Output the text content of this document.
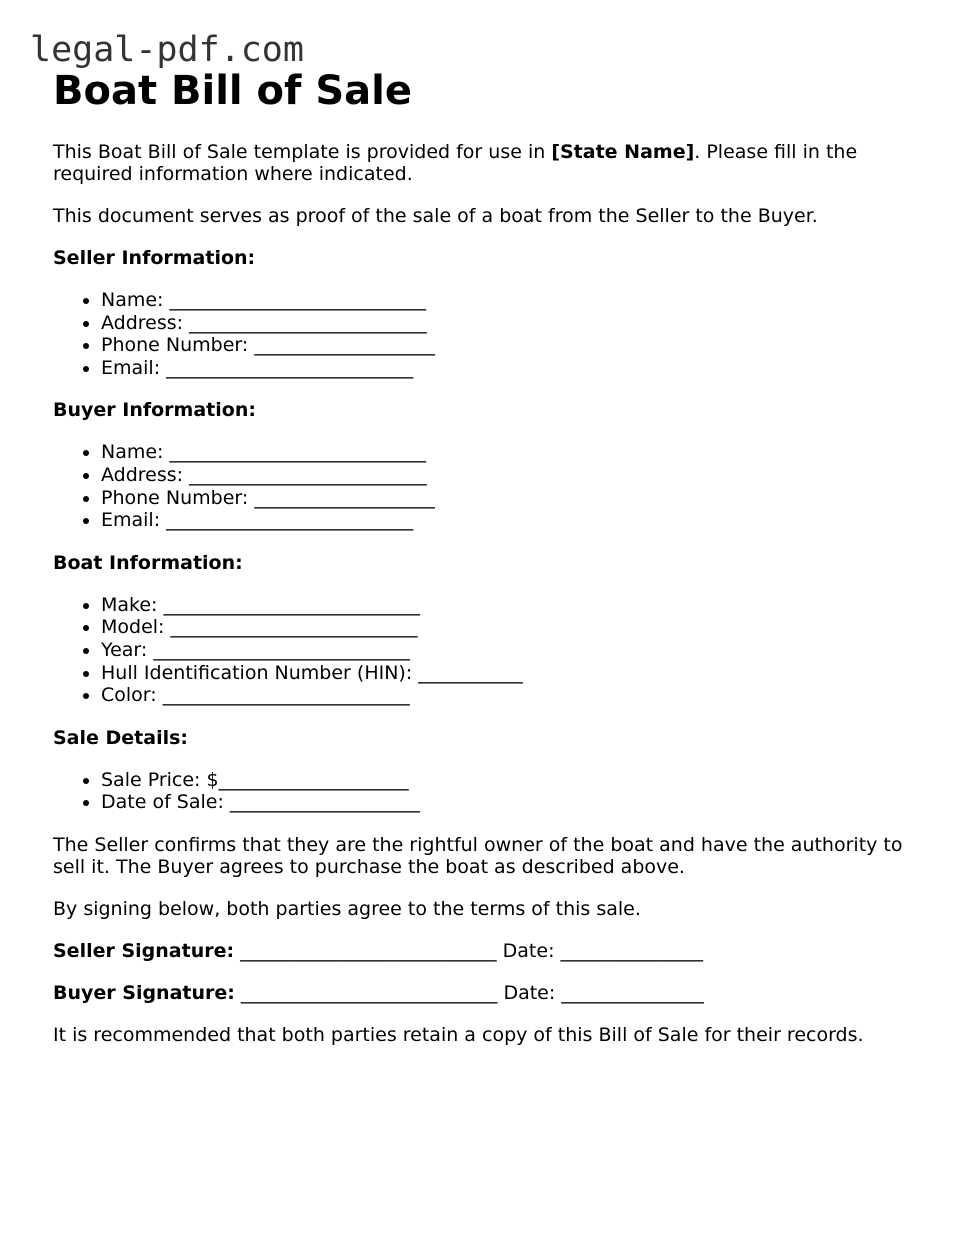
legal-pdf.com
Boat Bill of Sale

This Boat Bill of Sale template is provided for use in [State Name]. Please fill in the required information where indicated.

This document serves as proof of the sale of a boat from the Seller to the Buyer.

Seller Information:
• Name: ___________________________
• Address: _________________________
• Phone Number: ___________________
• Email: __________________________
Buyer Information:
• Name: ___________________________
• Address: _________________________
• Phone Number: ___________________
• Email: __________________________
Boat Information:
• Make: ___________________________
• Model: __________________________
• Year: ___________________________
• Hull Identification Number (HIN): ___________
• Color: __________________________
Sale Details:
• Sale Price: $____________________
• Date of Sale: ____________________

The Seller confirms that they are the rightful owner of the boat and have the authority to sell it. The Buyer agrees to purchase the boat as described above.

By signing below, both parties agree to the terms of this sale.

Seller Signature: ___________________________ Date: _______________

Buyer Signature: ___________________________ Date: _______________

It is recommended that both parties retain a copy of this Bill of Sale for their records.
